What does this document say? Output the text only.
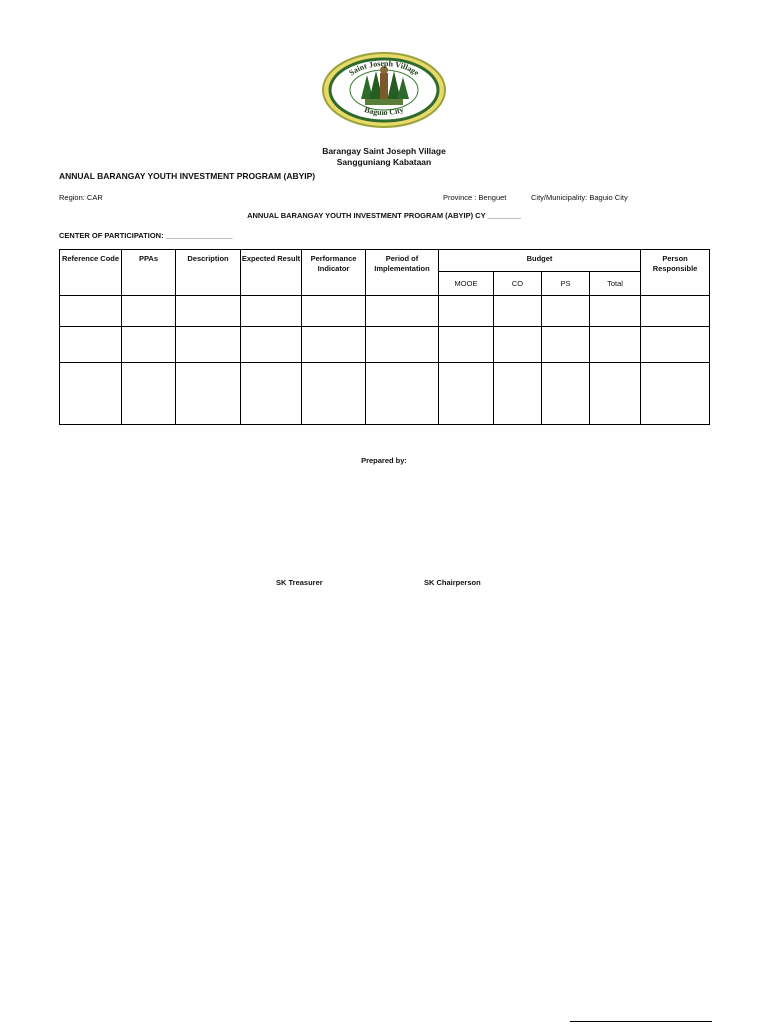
Saint Joseph Village
Baguio City
Barangay Saint Joseph Village
Sangguniang Kabataan
ANNUAL BARANGAY YOUTH INVESTMENT PROGRAM (ABYIP)
Region: CAR	Province : Benguet	City/Municipality: Baguio City
ANNUAL BARANGAY YOUTH INVESTMENT PROGRAM (ABYIP) CY ________
CENTER OF PARTICIPATION: ________________
Reference Code	PPAs	Description	Expected Result	Performance Indicator	Period of Implementation	Budget				Person Responsible
						MOOE	CO	PS	Total	

Prepared by:
SK Treasurer	SK Chairperson
